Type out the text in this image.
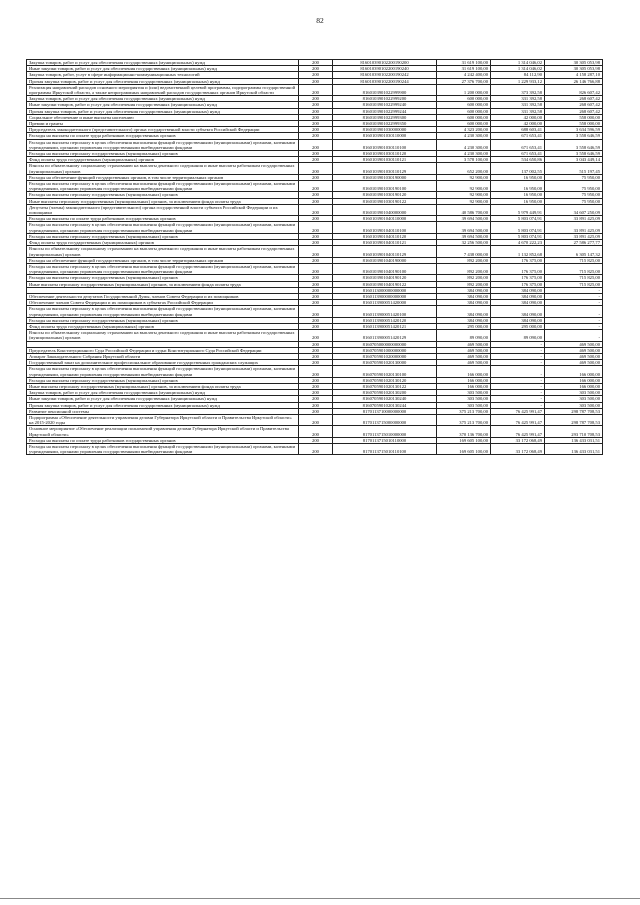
82
Закупка товаров, работ и услуг для обеспечения государственных (муниципальных) нужд	200	816010390102200190200	31 619 100,00	1 314 046,02	30 305 053,98
Иные закупки товаров, работ и услуг для обеспечения государственных (муниципальных) нужд	200	816010390102200190240	31 619 100,00	1 314 046,02	30 305 053,98
Закупка товаров, работ, услуг в сфере информационно-коммуникационных технологий	200	816010390102200190242	4 242 400,00	84 112,90	4 158 287,10
Прочая закупка товаров, работ и услуг для обеспечения государственных (муниципальных) нужд	200	816010390102200190244	27 376 700,00	1 229 933,12	26 146 766,88
Реализация направлений расходов основного мероприятия и (или) ведомственной целевой программы, подпрограммы государственной программы Иркутской области, а также непрограммных направлений расходов государственных органов Иркутской области	200	8160103901022999900	1 200 000,00	373 392,58	826 607,42
Закупка товаров, работ и услуг для обеспечения государственных (муниципальных) нужд	200	8160103901022999200	600 000,00	331 392,58	268 607,42
Иные закупки товаров, работ и услуг для обеспечения государственных (муниципальных) нужд	200	8160103901022999240	600 000,00	331 392,58	268 607,42
Прочая закупка товаров, работ и услуг для обеспечения государственных (муниципальных) нужд	200	8160103901022999244	600 000,00	331 392,58	268 607,42
Социальное обеспечение и иные выплаты населению	200	8160103901022999300	600 000,00	42 000,00	558 000,00
Премии и гранты	200	8160103901022999350	600 000,00	42 000,00	558 000,00
Председатель законодательного (представительного) органа государственной власти субъекта Российской Федерации	200	8160103901030000000	4 323 200,00	688 603,41	3 634 596,59
Расходы на выплаты по оплате труда работников государственных органов	200	8160103901030110000	4 230 300,00	671 653,41	3 558 646,59
Расходы на выплаты персоналу в целях обеспечения выполнения функций государственными (муниципальными) органами, казенными учреждениями, органами управления государственными внебюджетными фондами	200	8160103901030110100	4 230 300,00	671 653,41	3 558 646,59
Расходы на выплаты персоналу государственных (муниципальных) органов	200	8160103901030110120	4 230 300,00	671 653,41	3 558 646,59
Фонд оплаты труда государственных (муниципальных) органов	200	8160103901030110121	3 578 100,00	534 650,86	3 043 449,14
Взносы по обязательному социальному страхованию на выплаты денежного содержания и иные выплаты работникам государственных (муниципальных) органов	200	8160103901030110129	652 200,00	137 002,55	515 197,45
Расходы на обеспечение функций государственных органов, в том числе территориальных органов	200	8160103901030190000	92 900,00	16 950,00	75 950,00
Расходы на выплаты персоналу в целях обеспечения выполнения функций государственными (муниципальными) органами, казенными учреждениями, органами управления государственными внебюджетными фондами	200	8160103901030190100	92 900,00	16 950,00	75 950,00
Расходы на выплаты персоналу государственных (муниципальных) органов	200	8160103901030190120	92 900,00	16 950,00	75 950,00
Иные выплаты персоналу государственных (муниципальных) органов, за исключением фонда оплаты труда	200	8160103901030190122	92 900,00	16 950,00	75 950,00
Депутаты (члены) законодательного (представительного) органа государственной власти субъекта Российской Федерации и их помощники	200	8160103901040000000	40 586 700,00	5 979 449,91	34 607 250,09
Расходы на выплаты по оплате труда работников государственных органов	200	8160103901040110000	39 694 500,00	5 803 074,91	33 891 425,09
Расходы на выплаты персоналу в целях обеспечения выполнения функций государственными (муниципальными) органами, казенными учреждениями, органами управления государственными внебюджетными фондами	200	8160103901040110100	39 694 500,00	5 803 074,91	33 891 425,09
Расходы на выплаты персоналу государственных (муниципальных) органов	200	8160103901040110120	39 694 500,00	5 803 074,91	33 891 425,09
Фонд оплаты труда государственных (муниципальных) органов	200	8160103901040110121	32 256 500,00	4 670 222,23	27 586 277,77
Взносы по обязательному социальному страхованию на выплаты денежного содержания и иные выплаты работникам государственных (муниципальных) органов	200	8160103901040110129	7 438 000,00	1 132 852,68	6 305 147,32
Расходы на обеспечение функций государственных органов, в том числе территориальных органов	200	8160103901040190000	892 200,00	176 375,00	715 825,00
Расходы на выплаты персоналу в целях обеспечения выполнения функций государственными (муниципальными) органами, казенными учреждениями, органами управления государственными внебюджетными фондами	200	8160103901040190100	892 200,00	176 375,00	715 825,00
Расходы на выплаты персоналу государственных (муниципальных) органов	200	8160103901040190120	892 200,00	176 375,00	715 825,00
Иные выплаты персоналу государственных (муниципальных) органов, за исключением фонда оплаты труда	200	8160103901040190122	892 200,00	176 375,00	715 825,00
	200	8160113000000000000	384 090,00	384 090,00	-
Обеспечение деятельности депутатов Государственной Думы, членов Совета Федерации и их помощников	200	8160113900000000000	384 090,00	384 090,00	-
Обеспечение членов Совета Федерации и их помощников в субъектах Российской Федерации	200	8160113900051420000	384 090,00	384 090,00	-
Расходы на выплаты персоналу в целях обеспечения выполнения функций государственными (муниципальными) органами, казенными учреждениями, органами управления государственными внебюджетными фондами	200	8160113900051420100	384 090,00	384 090,00	-
Расходы на выплаты персоналу государственных (муниципальных) органов	200	8160113900051420120	384 090,00	384 090,00	-
Фонд оплаты труда государственных (муниципальных) органов	200	8160113900051420121	295 000,00	295 000,00	-
Взносы по обязательному социальному страхованию на выплаты денежного содержания и иные выплаты работникам государственных (муниципальных) органов	200	8160113900051420129	89 090,00	89 090,00	-
	200	8160705000000000000	469 500,00	-	469 500,00
Председатель Конституционного Суда Российской Федерации и судьи Конституционного Суда Российской Федерации	200	8160705901000000000	469 500,00	-	469 500,00
Аппарат Законодательного Собрания Иркутской области	200	8160705901020000000	469 500,00	-	469 500,00
Государственный заказ на дополнительное профессиональное образование государственных гражданских служащих	200	8160705901020130000	469 500,00	-	469 500,00
Расходы на выплаты персоналу в целях обеспечения выполнения функций государственными (муниципальными) органами, казенными учреждениями, органами управления государственными внебюджетными фондами	200	8160705901020130100	166 000,00	-	166 000,00
Расходы на выплаты персоналу государственных (муниципальных) органов	200	8160705901020130120	166 000,00	-	166 000,00
Иные выплаты персоналу государственных (муниципальных) органов, за исключением фонда оплаты труда	200	8160705901020130122	166 000,00	-	166 000,00
Закупка товаров, работ и услуг для обеспечения государственных (муниципальных) нужд	200	8160705901020130200	303 500,00	-	303 500,00
Иные закупки товаров, работ и услуг для обеспечения государственных (муниципальных) нужд	200	8160705901020130240	303 500,00	-	303 500,00
Прочая закупка товаров, работ и услуг для обеспечения государственных (муниципальных) нужд	200	8160705901020130244	303 500,00	-	303 500,00
Развитие пенсионной системы	200	8170113710000000000	375 213 700,00	76 425 991,47	298 787 708,53
Подпрограмма «Обеспечение деятельности управления делами Губернатора Иркутской области и Правительства Иркутской области» на 2015-2020 годы	200	8170113715000000000	375 213 700,00	76 425 991,47	298 787 708,53
Основное мероприятие «Обеспечение реализации полномочий управления делами Губернатора Иркутской области и Правительства Иркутской области»	200	8170113715010000000	370 136 700,00	76 425 991,47	293 710 708,53
Расходы на выплаты по оплате труда работников государственных органов	200	8170113715010110000	169 605 100,00	33 172 068,49	136 433 031,51
Расходы на выплаты персоналу в целях обеспечения выполнения функций государственными (муниципальными) органами, казенными учреждениями, органами управления государственными внебюджетными фондами	200	8170113715010110100	169 605 100,00	33 172 068,49	136 433 031,51
